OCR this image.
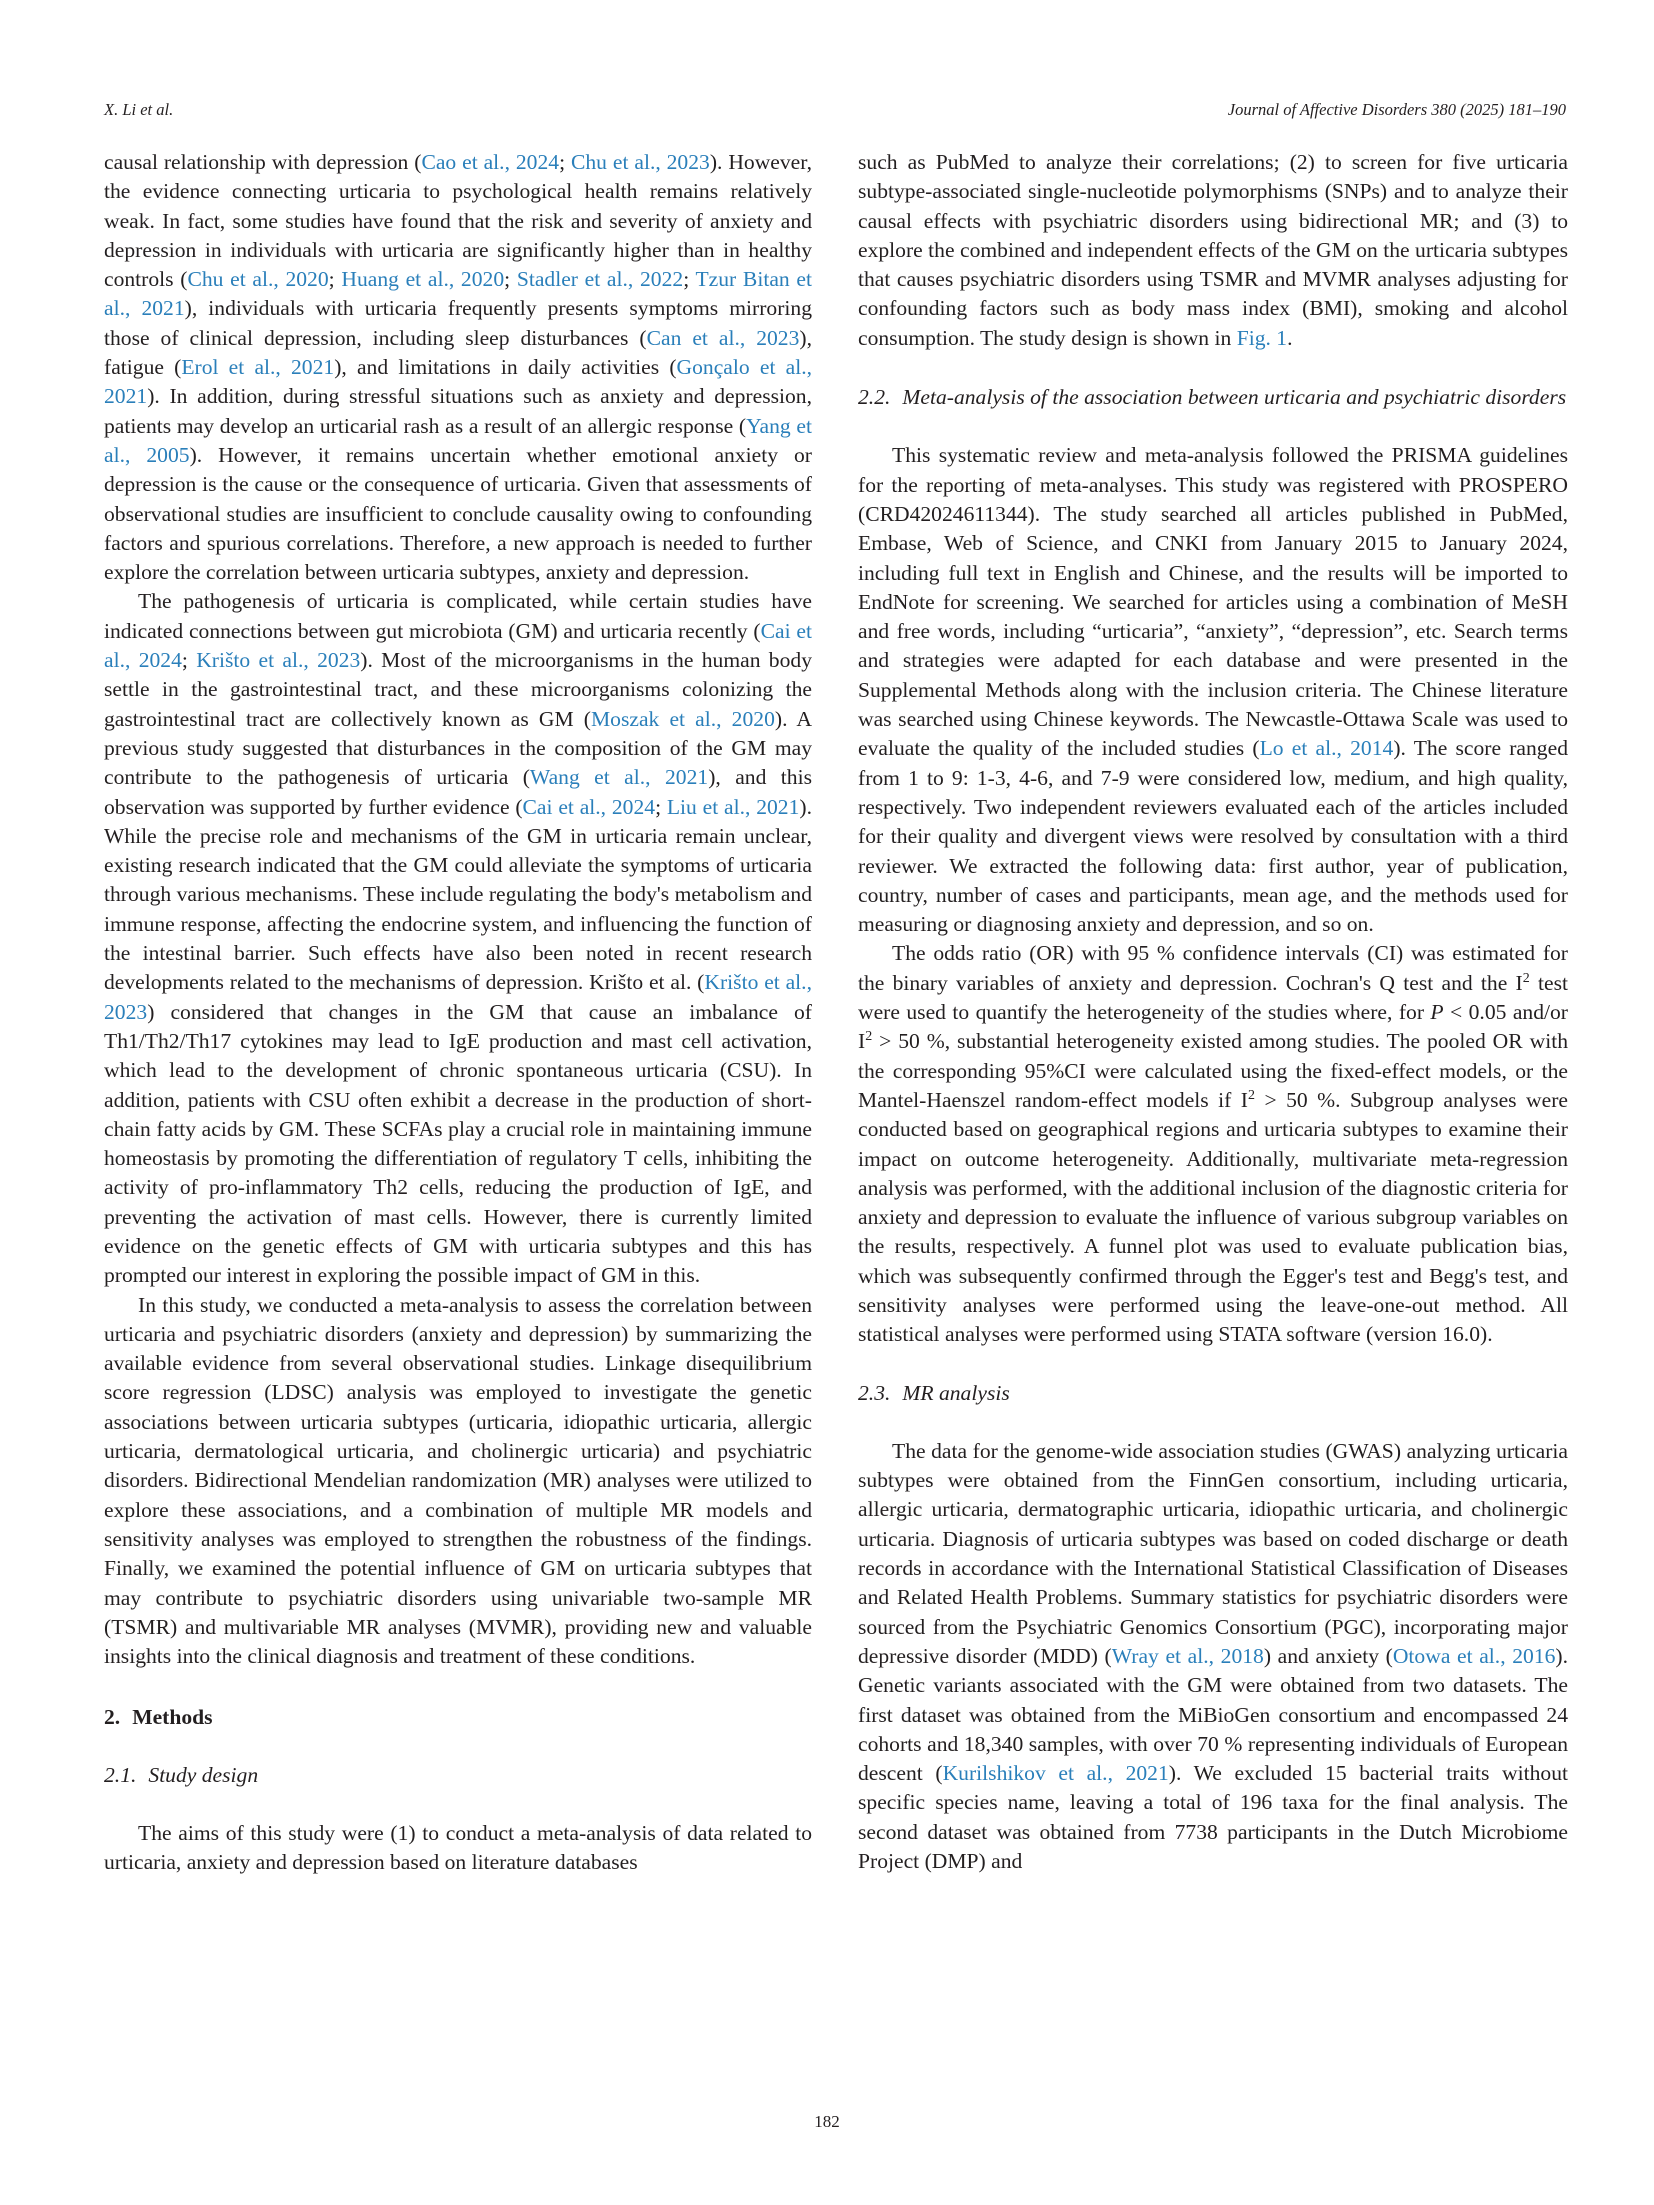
X. Li et al.	Journal of Affective Disorders 380 (2025) 181–190

causal relationship with depression (Cao et al., 2024; Chu et al., 2023). However, the evidence connecting urticaria to psychological health remains relatively weak. In fact, some studies have found that the risk and severity of anxiety and depression in individuals with urticaria are significantly higher than in healthy controls (Chu et al., 2020; Huang et al., 2020; Stadler et al., 2022; Tzur Bitan et al., 2021), individuals with urticaria frequently presents symptoms mirroring those of clinical depression, including sleep disturbances (Can et al., 2023), fatigue (Erol et al., 2021), and limitations in daily activities (Gonçalo et al., 2021). In addition, during stressful situations such as anxiety and depression, patients may develop an urticarial rash as a result of an allergic response (Yang et al., 2005). However, it remains uncertain whether emotional anxiety or depression is the cause or the consequence of urticaria. Given that assessments of observational studies are insufficient to conclude causality owing to confounding factors and spurious correlations. Therefore, a new approach is needed to further explore the correlation between urticaria subtypes, anxiety and depression.

The pathogenesis of urticaria is complicated, while certain studies have indicated connections between gut microbiota (GM) and urticaria recently (Cai et al., 2024; Krišto et al., 2023). Most of the microorganisms in the human body settle in the gastrointestinal tract, and these microorganisms colonizing the gastrointestinal tract are collectively known as GM (Moszak et al., 2020). A previous study suggested that disturbances in the composition of the GM may contribute to the pathogenesis of urticaria (Wang et al., 2021), and this observation was supported by further evidence (Cai et al., 2024; Liu et al., 2021). While the precise role and mechanisms of the GM in urticaria remain unclear, existing research indicated that the GM could alleviate the symptoms of urticaria through various mechanisms. These include regulating the body's metabolism and immune response, affecting the endocrine system, and influencing the function of the intestinal barrier. Such effects have also been noted in recent research developments related to the mechanisms of depression. Krišto et al. (Krišto et al., 2023) considered that changes in the GM that cause an imbalance of Th1/Th2/Th17 cytokines may lead to IgE production and mast cell activation, which lead to the development of chronic spontaneous urticaria (CSU). In addition, patients with CSU often exhibit a decrease in the production of short-chain fatty acids by GM. These SCFAs play a crucial role in maintaining immune homeostasis by promoting the differentiation of regulatory T cells, inhibiting the activity of pro-inflammatory Th2 cells, reducing the production of IgE, and preventing the activation of mast cells. However, there is currently limited evidence on the genetic effects of GM with urticaria subtypes and this has prompted our interest in exploring the possible impact of GM in this.

In this study, we conducted a meta-analysis to assess the correlation between urticaria and psychiatric disorders (anxiety and depression) by summarizing the available evidence from several observational studies. Linkage disequilibrium score regression (LDSC) analysis was employed to investigate the genetic associations between urticaria subtypes (urticaria, idiopathic urticaria, allergic urticaria, dermatological urticaria, and cholinergic urticaria) and psychiatric disorders. Bidirectional Mendelian randomization (MR) analyses were utilized to explore these associations, and a combination of multiple MR models and sensitivity analyses was employed to strengthen the robustness of the findings. Finally, we examined the potential influence of GM on urticaria subtypes that may contribute to psychiatric disorders using univariable two-sample MR (TSMR) and multivariable MR analyses (MVMR), providing new and valuable insights into the clinical diagnosis and treatment of these conditions.

2. Methods
2.1. Study design

The aims of this study were (1) to conduct a meta-analysis of data related to urticaria, anxiety and depression based on literature databases

such as PubMed to analyze their correlations; (2) to screen for five urticaria subtype-associated single-nucleotide polymorphisms (SNPs) and to analyze their causal effects with psychiatric disorders using bidirectional MR; and (3) to explore the combined and independent effects of the GM on the urticaria subtypes that causes psychiatric disorders using TSMR and MVMR analyses adjusting for confounding factors such as body mass index (BMI), smoking and alcohol consumption. The study design is shown in Fig. 1.

2.2. Meta-analysis of the association between urticaria and psychiatric disorders

This systematic review and meta-analysis followed the PRISMA guidelines for the reporting of meta-analyses. This study was registered with PROSPERO (CRD42024611344). The study searched all articles published in PubMed, Embase, Web of Science, and CNKI from January 2015 to January 2024, including full text in English and Chinese, and the results will be imported to EndNote for screening. We searched for articles using a combination of MeSH and free words, including “urticaria”, “anxiety”, “depression”, etc. Search terms and strategies were adapted for each database and were presented in the Supplemental Methods along with the inclusion criteria. The Chinese literature was searched using Chinese keywords. The Newcastle-Ottawa Scale was used to evaluate the quality of the included studies (Lo et al., 2014). The score ranged from 1 to 9: 1-3, 4-6, and 7-9 were considered low, medium, and high quality, respectively. Two independent reviewers evaluated each of the articles included for their quality and divergent views were resolved by consultation with a third reviewer. We extracted the following data: first author, year of publication, country, number of cases and participants, mean age, and the methods used for measuring or diagnosing anxiety and depression, and so on.

The odds ratio (OR) with 95 % confidence intervals (CI) was estimated for the binary variables of anxiety and depression. Cochran's Q test and the $I^2$ test were used to quantify the heterogeneity of the studies where, for P < 0.05 and/or $I^2 > 50$ %, substantial heterogeneity existed among studies. The pooled OR with the corresponding 95%CI were calculated using the fixed-effect models, or the Mantel-Haenszel random-effect models if $I^2 > 50$ %. Subgroup analyses were conducted based on geographical regions and urticaria subtypes to examine their impact on outcome heterogeneity. Additionally, multivariate meta-regression analysis was performed, with the additional inclusion of the diagnostic criteria for anxiety and depression to evaluate the influence of various subgroup variables on the results, respectively. A funnel plot was used to evaluate publication bias, which was subsequently confirmed through the Egger's test and Begg's test, and sensitivity analyses were performed using the leave-one-out method. All statistical analyses were performed using STATA software (version 16.0).

2.3. MR analysis

The data for the genome-wide association studies (GWAS) analyzing urticaria subtypes were obtained from the FinnGen consortium, including urticaria, allergic urticaria, dermatographic urticaria, idiopathic urticaria, and cholinergic urticaria. Diagnosis of urticaria subtypes was based on coded discharge or death records in accordance with the International Statistical Classification of Diseases and Related Health Problems. Summary statistics for psychiatric disorders were sourced from the Psychiatric Genomics Consortium (PGC), incorporating major depressive disorder (MDD) (Wray et al., 2018) and anxiety (Otowa et al., 2016). Genetic variants associated with the GM were obtained from two datasets. The first dataset was obtained from the MiBioGen consortium and encompassed 24 cohorts and 18,340 samples, with over 70 % representing individuals of European descent (Kurilshikov et al., 2021). We excluded 15 bacterial traits without specific species name, leaving a total of 196 taxa for the final analysis. The second dataset was obtained from 7738 participants in the Dutch Microbiome Project (DMP) and

182
